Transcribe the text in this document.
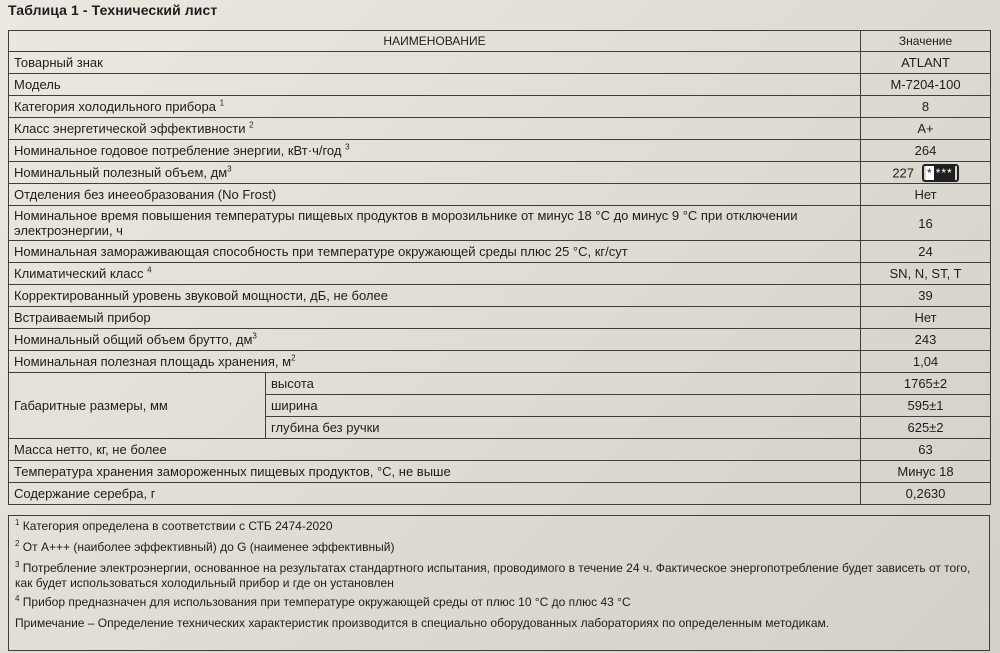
Таблица 1 - Технический лист
НАИМЕНОВАНИЕ		Значение
Товарный знак		ATLANT
Модель		М-7204-100
Категория холодильного прибора $^1$		8
Класс энергетической эффективности $^2$		А+
Номинальное годовое потребление энергии, кВт·ч/год $^3$		264
Номинальный полезный объем, $дм^3$		227 * ***
Отделения без инееобразования (No Frost)		Нет
Номинальное время повышения температуры пищевых продуктов в морозильнике от минус 18 °С до минус 9 °С при отключении электроэнергии, ч		16
Номинальная замораживающая способность при температуре окружающей среды плюс 25 °С, кг/сут		24
Климатический класс $^4$		SN, N, ST, T
Корректированный уровень звуковой мощности, дБ, не более		39
Встраиваемый прибор		Нет
Номинальный общий объем брутто, $дм^3$		243
Номинальная полезная площадь хранения, $м^2$		1,04
Габаритные размеры, мм	высота	1765±2
	ширина	595±1
	глубина без ручки	625±2
Масса нетто, кг, не более		63
Температура хранения замороженных пищевых продуктов, °С, не выше		Минус 18
Содержание серебра, г		0,2630

$^1$ Категория определена в соответствии с СТБ 2474-2020

$^2$ От А+++ (наиболее эффективный) до G (наименее эффективный)

$^3$ Потребление электроэнергии, основанное на результатах стандартного испытания, проводимого в течение 24 ч. Фактическое энергопотребление будет зависеть от того, как будет использоваться холодильный прибор и где он установлен

$^4$ Прибор предназначен для использования при температуре окружающей среды от плюс 10 °С до плюс 43 °С

Примечание – Определение технических характеристик производится в специально оборудованных лабораториях по определенным методикам.
